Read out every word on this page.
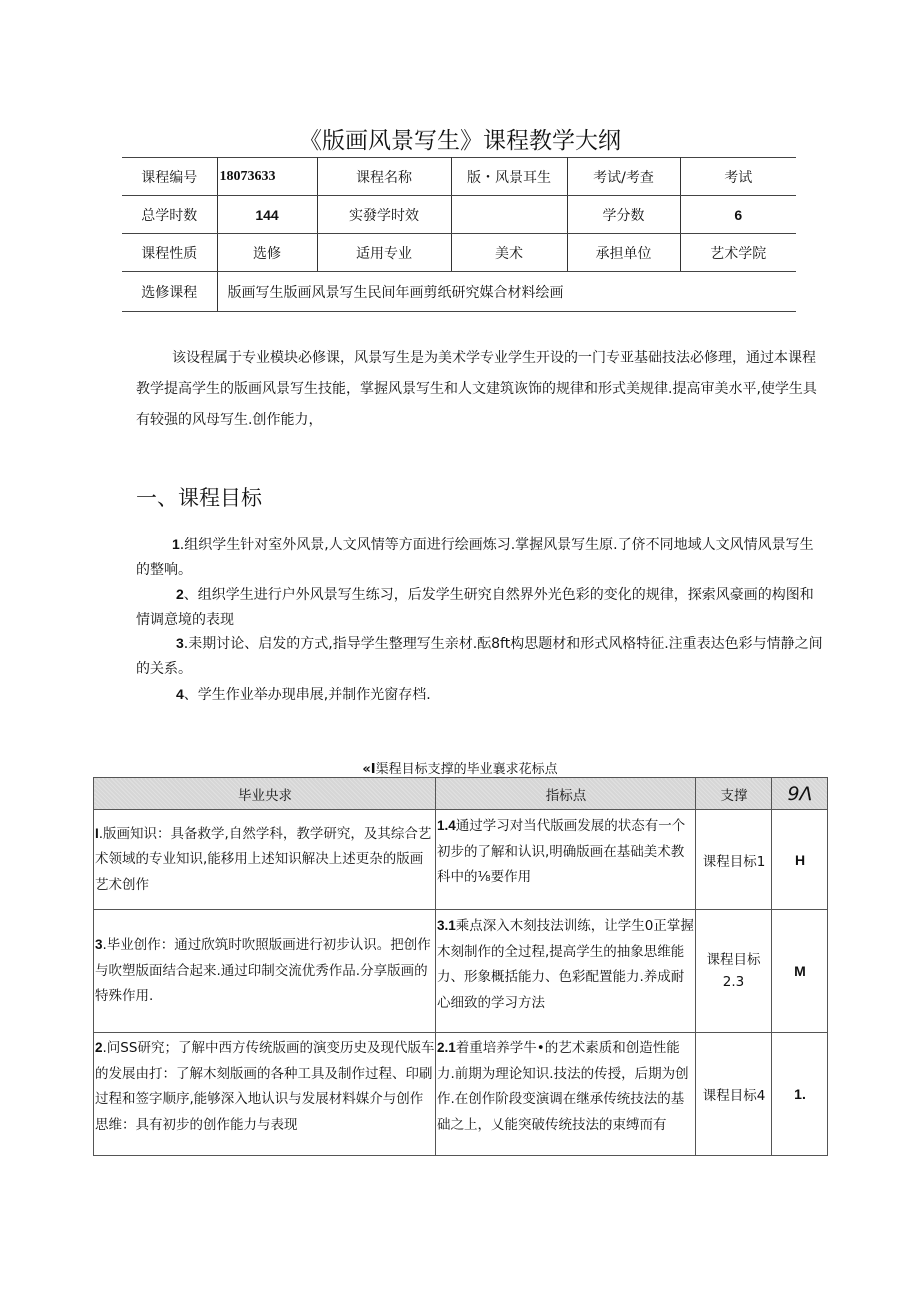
《版画风景写生》课程教学大纲
课程编号	18073633	课程名称	版・风景耳生	考试/考查	考试
总学时数	144	实發学时效		学分数	6
课程性质	选修	适用专业	美术	承担单位	艺术学院
选修课程	版画写生版画风景写生民间年画剪纸研究媒合材料绘画				
该设程属于专业模块必修课，风景写生是为美术学专业学生开设的一门专亚基础技法必修理，通过本课程教学提高学生的版画风景写生技能，掌握风景写生和人文建筑诙饰的规律和形式美规律.提高审美水平,使学生具有较强的风母写生.创作能力，
一、课程目标
1.组织学生针对室外风景,人文风情等方面进行绘画炼习.掌握风景写生原.了侪不同地域人文风情风景写生的整响。
2、组织学生进行户外风景写生练习，后发学生研究自然界外光色彩的变化的规律，探索风豪画的构图和情调意境的表现
3.耒期讨论、启发的方式,指导学生整理写生亲材.酝8ft构思题材和形式风格特征.注重表达色彩与情静之间的关系。
4、学生作业举办现串展,并制作光窗存档.
«I渠程目标支撑的毕业襄求花标点
毕业央求	指标点	支撑	9Λ
I.版画知识：具备救学,自然学科，教学研究，及其综合艺术领域的专业知识,能移用上述知识解决上述更杂的版画艺术创作	1.4通过学习对当代版画发展的状态有一个初步的了解和认识,明确版画在基础美术教科中的⅛要作用	课程目标1	H
3.毕业创作：通过欣筑时吹照版画进行初步认识。把创作与吹塑版面结合起来.通过印制交流优秀作品.分享版画的特殊作用.	3.1乘点深入木刻技法训练，让学生0正掌握木刻制作的全过程,提高学生的抽象思维能力、形象概括能力、色彩配置能力.养成耐心细致的学习方法	课程目标 2.3	M
2.问SS研究；了解中西方传统版画的演变历史及现代版车的发展由打：了解木刻版画的各种工具及制作过程、印刷过程和签字顺序,能够深入地认识与发展材料媒介与创作思维：具有初步的创作能力与表现	2.1着重培养学牛•的艺术素质和创造性能力.前期为理论知识.技法的传授，后期为创作.在创作阶段变演调在继承传统技法的基础之上，乂能突破传统技法的束缚而有	课程目标4	1.
